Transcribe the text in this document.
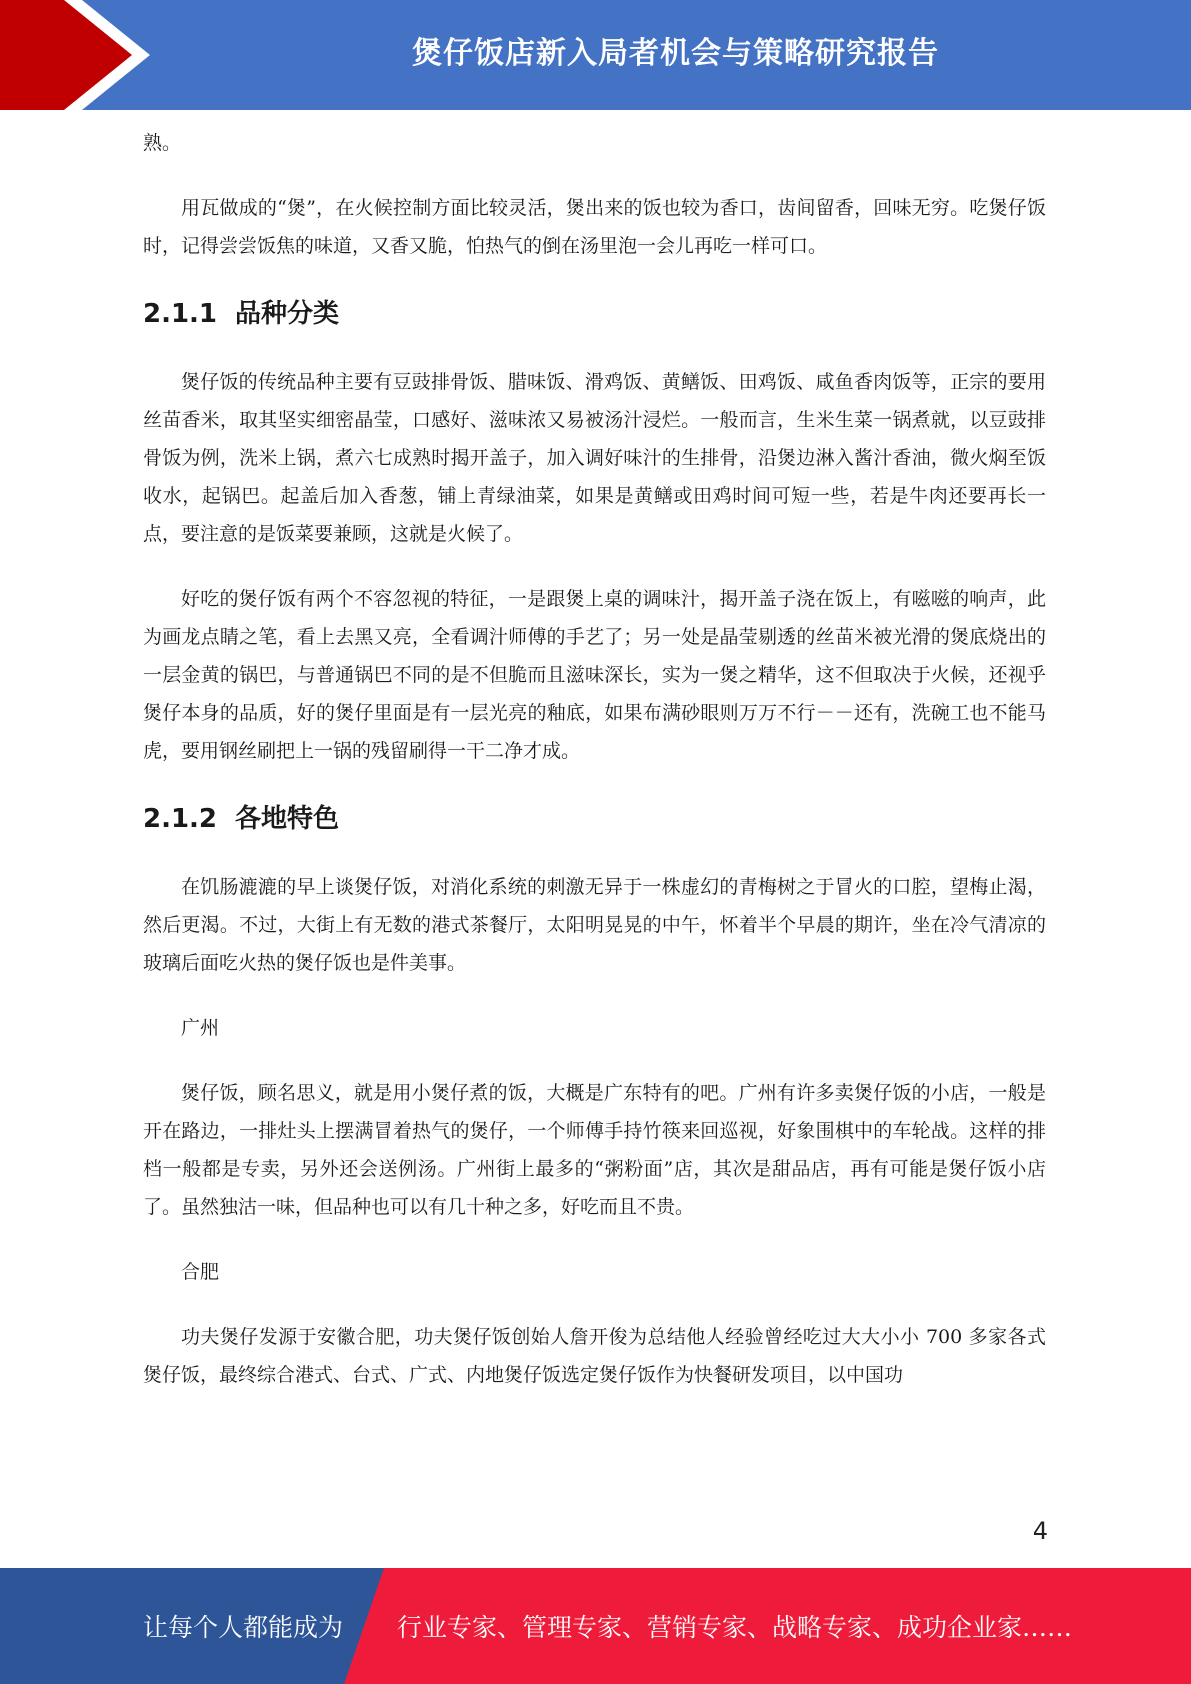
煲仔饭店新入局者机会与策略研究报告

熟。

用瓦做成的“煲”，在火候控制方面比较灵活，煲出来的饭也较为香口，齿间留香，回味无穷。吃煲仔饭时，记得尝尝饭焦的味道，又香又脆，怕热气的倒在汤里泡一会儿再吃一样可口。

2.1.1 品种分类

煲仔饭的传统品种主要有豆豉排骨饭、腊味饭、滑鸡饭、黄鳝饭、田鸡饭、咸鱼香肉饭等，正宗的要用丝苗香米，取其坚实细密晶莹，口感好、滋味浓又易被汤汁浸烂。一般而言，生米生菜一锅煮就，以豆豉排骨饭为例，洗米上锅，煮六七成熟时揭开盖子，加入调好味汁的生排骨，沿煲边淋入酱汁香油，微火焖至饭收水，起锅巴。起盖后加入香葱，铺上青绿油菜，如果是黄鳝或田鸡时间可短一些，若是牛肉还要再长一点，要注意的是饭菜要兼顾，这就是火候了。

好吃的煲仔饭有两个不容忽视的特征，一是跟煲上桌的调味汁，揭开盖子浇在饭上，有嗞嗞的响声，此为画龙点睛之笔，看上去黑又亮，全看调汁师傅的手艺了；另一处是晶莹剔透的丝苗米被光滑的煲底烧出的一层金黄的锅巴，与普通锅巴不同的是不但脆而且滋味深长，实为一煲之精华，这不但取决于火候，还视乎煲仔本身的品质，好的煲仔里面是有一层光亮的釉底，如果布满砂眼则万万不行－－还有，洗碗工也不能马虎，要用钢丝刷把上一锅的残留刷得一干二净才成。

2.1.2 各地特色

在饥肠漉漉的早上谈煲仔饭，对消化系统的刺激无异于一株虚幻的青梅树之于冒火的口腔，望梅止渴，然后更渴。不过，大街上有无数的港式茶餐厅，太阳明晃晃的中午，怀着半个早晨的期许，坐在冷气清凉的玻璃后面吃火热的煲仔饭也是件美事。

广州

煲仔饭，顾名思义，就是用小煲仔煮的饭，大概是广东特有的吧。广州有许多卖煲仔饭的小店，一般是开在路边，一排灶头上摆满冒着热气的煲仔，一个师傅手持竹筷来回巡视，好象围棋中的车轮战。这样的排档一般都是专卖，另外还会送例汤。广州街上最多的“粥粉面”店，其次是甜品店，再有可能是煲仔饭小店了。虽然独沽一味，但品种也可以有几十种之多，好吃而且不贵。

合肥

功夫煲仔发源于安徽合肥，功夫煲仔饭创始人詹开俊为总结他人经验曾经吃过大大小小 700 多家各式煲仔饭，最终综合港式、台式、广式、内地煲仔饭选定煲仔饭作为快餐研发项目，以中国功

4
让每个人都能成为 行业专家、管理专家、营销专家、战略专家、成功企业家……
